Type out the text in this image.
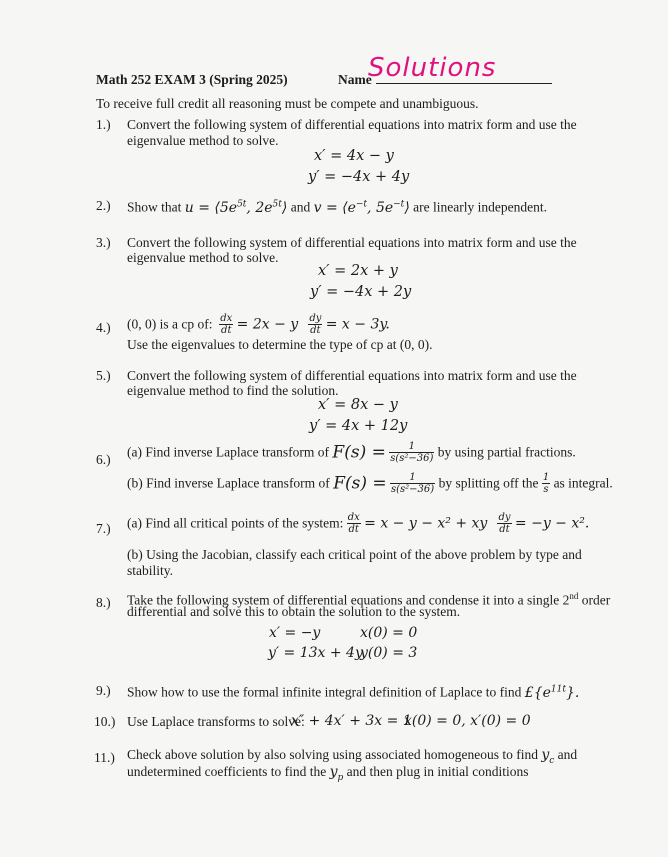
Math 252 EXAM 3 (Spring 2025)	Name
Solutions
To receive full credit all reasoning must be compete and unambiguous.
1.) Convert the following system of differential equations into matrix form and use the
eigenvalue method to solve.
x′ = 4x − y
y′ = −4x + 4y
2.) Show that $u = ⟨5e^{5t}$, $2e^{5t}⟩$ and $v = ⟨e^{-t}$, $5e^{-t}⟩$ are linearly independent.
3.) Convert the following system of differential equations into matrix form and use the
eigenvalue method to solve.
x′ = 2x + y
y′ = −4x + 2y
4.) (0, 0) is a cp of: $\frac{dx}{dt} = 2x - y \frac{dy}{dt} = x - 3y$.
Use the eigenvalues to determine the type of cp at (0, 0).
5.) Convert the following system of differential equations into matrix form and use the
eigenvalue method to find the solution.
x′ = 8x − y
y′ = 4x + 12y
6.) (a) Find inverse Laplace transform of $F(s) = \frac{1}{\text{s(s²−36)}}$ by using partial fractions.
(b) Find inverse Laplace transform of $F(s) = \frac{1}{\text{s(s²−36)}}$ by splitting off the $\frac{1}{s}$ as integral.
7.) (a) Find all critical points of the system: $\frac{dx}{dt} = x - y - x^2$ + xy $\frac{dy}{dt} = -y - x^2$.
(b) Using the Jacobian, classify each critical point of the above problem by type and
stability.
8.) Take the following system of differential equations and condense it into a single 2nd order
differential and solve this to obtain the solution to the system.
x′ = −y	x(0) = 0
y′ = 13x + 4y
y(0) = 3
9.) Show how to use the formal infinite integral definition of Laplace to find $£\{e^{11t}\}$.
10.) Use Laplace transforms to solve:
x″ + 4x′ + 3x = 1
x(0) = 0, x′(0) = 0
11.) Check above solution by also solving using associated homogeneous to find $y_c$ and
undetermined coefficients to find the $y_p$ and then plug in initial conditions
